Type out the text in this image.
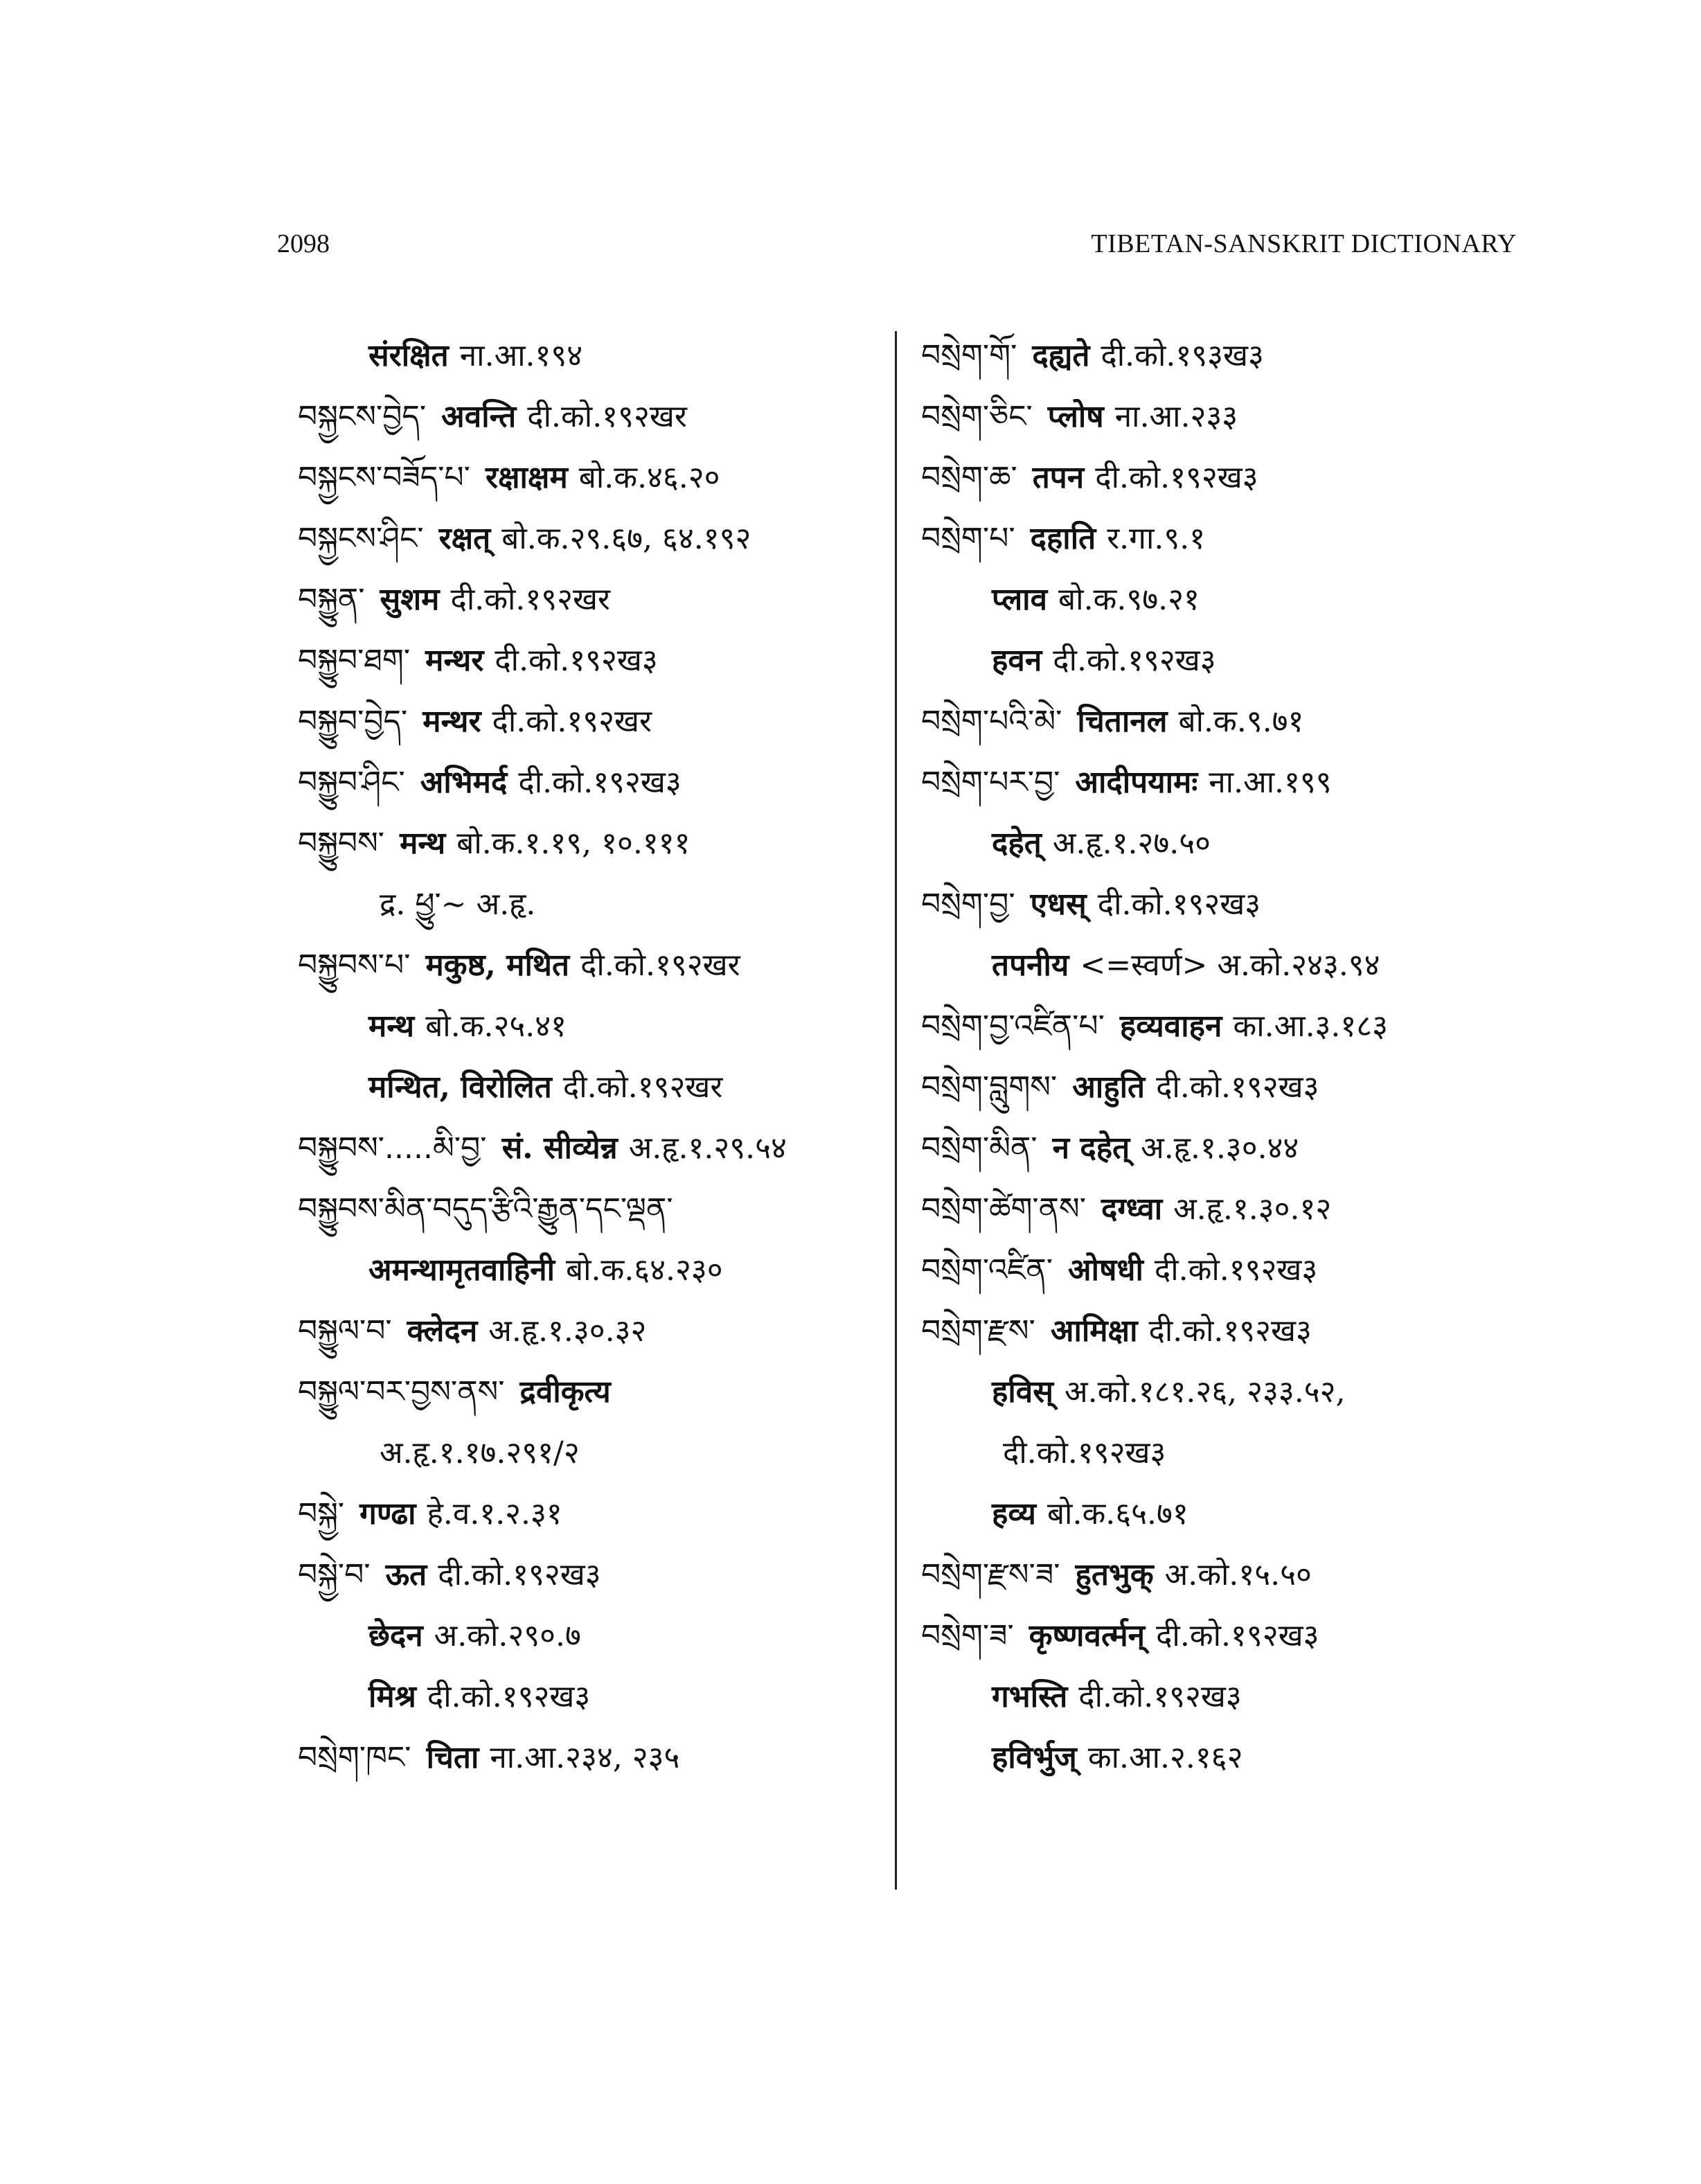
2098	TIBETAN-SANSKRIT DICTIONARY
संरक्षित ना.आ.१९४
བསྐྱངས་བྱེད་ अवन्ति दी.को.१९२खर
བསྐྱངས་བཟོད་པ་ रक्षाक्षम बो.क.४६.२०
བསྐྱངས་ཤིང་ रक्षत् बो.क.२९.६७, ६४.१९२
བསྐྱུན་ सुशम दी.को.१९२खर
བསྐྱུབ་ཐག་ मन्थर दी.को.१९२ख३
བསྐྱུབ་བྱེད་ मन्थर दी.को.१९२खर
བསྐྱུབ་ཤིང་ अभिमर्द दी.को.१९२ख३
བསྐྱུབས་ मन्थ बो.क.१.१९, १०.१११
द्र. ཕྱུ་~ अ.हृ.
བསྐྱུབས་པ་ मकुष्ठ, मथित दी.को.१९२खर
मन्थ बो.क.२५.४१
मन्थित, विरोलित दी.को.१९२खर
བསྐྱུབས་.....མི་བྱ་ सं. सीव्येन्न अ.हृ.१.२९.५४
བསྐྱུབས་མིན་བདུད་རྩིའི་རྒྱུན་དང་ལྡན་
अमन्थामृतवाहिनी बो.क.६४.२३०
བསྐྱུལ་བ་ क्लेदन अ.हृ.१.३०.३२
བསྐྱུལ་བར་བྱས་ནས་ द्रवीकृत्य
अ.हृ.१.१७.२९१/२
བསྐྱེ་ गण्ढा हे.व.१.२.३१
བསྐྱེ་བ་ ऊत दी.को.१९२ख३
छेदन अ.को.२९०.७
मिश्र दी.को.१९२ख३
བསྲེག་ཁང་ चिता ना.आ.२३४, २३५
བསྲེག་གོ་ दह्यते दी.को.१९३ख३
བསྲེག་ཅིང་ प्लोष ना.आ.२३३
བསྲེག་ཆ་ तपन दी.को.१९२ख३
བསྲེག་པ་ दहाति र.गा.९.१
प्लाव बो.क.९७.२१
हवन दी.को.१९२ख३
བསྲེག་པའི་མེ་ चितानल बो.क.९.७१
བསྲེག་པར་བྱ་ आदीपयामः ना.आ.१९९
दहेत् अ.हृ.१.२७.५०
བསྲེག་བྱ་ एधस् दी.को.१९२ख३
तपनीय <=स्वर्ण> अ.को.२४३.९४
བསྲེག་བྱ་འཛིན་པ་ हव्यवाहन का.आ.३.१८३
བསྲེག་བླུགས་ आहुति दी.को.१९२ख३
བསྲེག་མིན་ न दहेत् अ.हृ.१.३०.४४
བསྲེག་ཚེག་ནས་ दग्ध्वा अ.हृ.१.३०.१२
བསྲེག་འཛིན་ ओषधी दी.को.१९२ख३
བསྲེག་རྫས་ आमिक्षा दी.को.१९२ख३
हविस् अ.को.१८१.२६, २३३.५२,
दी.को.१९२ख३
हव्य बो.क.६५.७१
བསྲེག་རྫས་ཟ་ हुतभुक् अ.को.१५.५०
བསྲེག་ཟ་ कृष्णवर्त्मन् दी.को.१९२ख३
गभस्ति दी.को.१९२ख३
हविर्भुज् का.आ.२.१६२
